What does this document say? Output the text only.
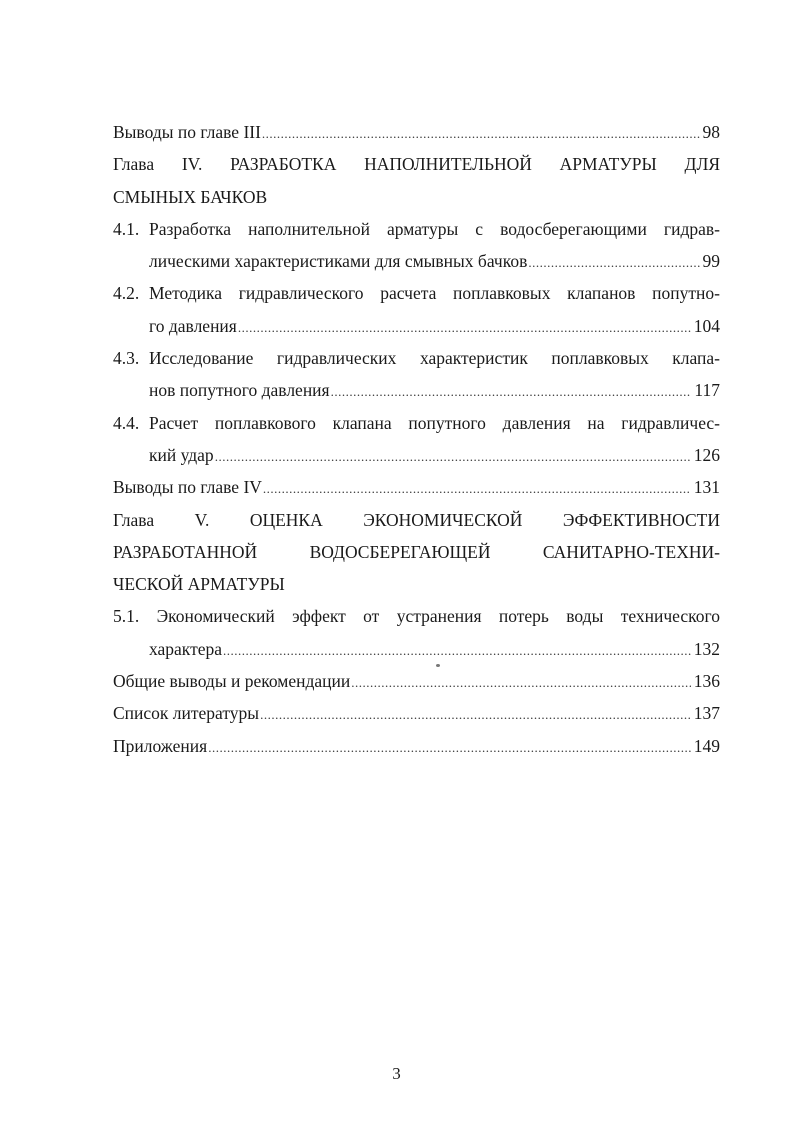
Выводы по главе III .....	98
Глава IV. РАЗРАБОТКА НАПОЛНИТЕЛЬНОЙ АРМАТУРЫ ДЛЯ
СМЫНЫХ БАЧКОВ
4.1. Разработка наполнительной арматуры с водосберегающими гидрав-
лическими характеристиками для смывных бачков .....	99
4.2. Методика гидравлического расчета поплавковых клапанов попутно-
го давления .....	104
4.3. Исследование гидравлических характеристик поплавковых клапа-
нов попутного давления .....	117
4.4. Расчет поплавкового клапана попутного давления на гидравличес-
кий удар .....	126
Выводы по главе IV .....	131
Глава V. ОЦЕНКА ЭКОНОМИЧЕСКОЙ ЭФФЕКТИВНОСТИ
РАЗРАБОТАННОЙ ВОДОСБЕРЕГАЮЩЕЙ САНИТАРНО-ТЕХНИ-
ЧЕСКОЙ АРМАТУРЫ
5.1. Экономический эффект от устранения потерь воды технического
характера .....	132
Общие выводы и рекомендации .....	136
Список литературы .....	137
Приложения .....	149
3
